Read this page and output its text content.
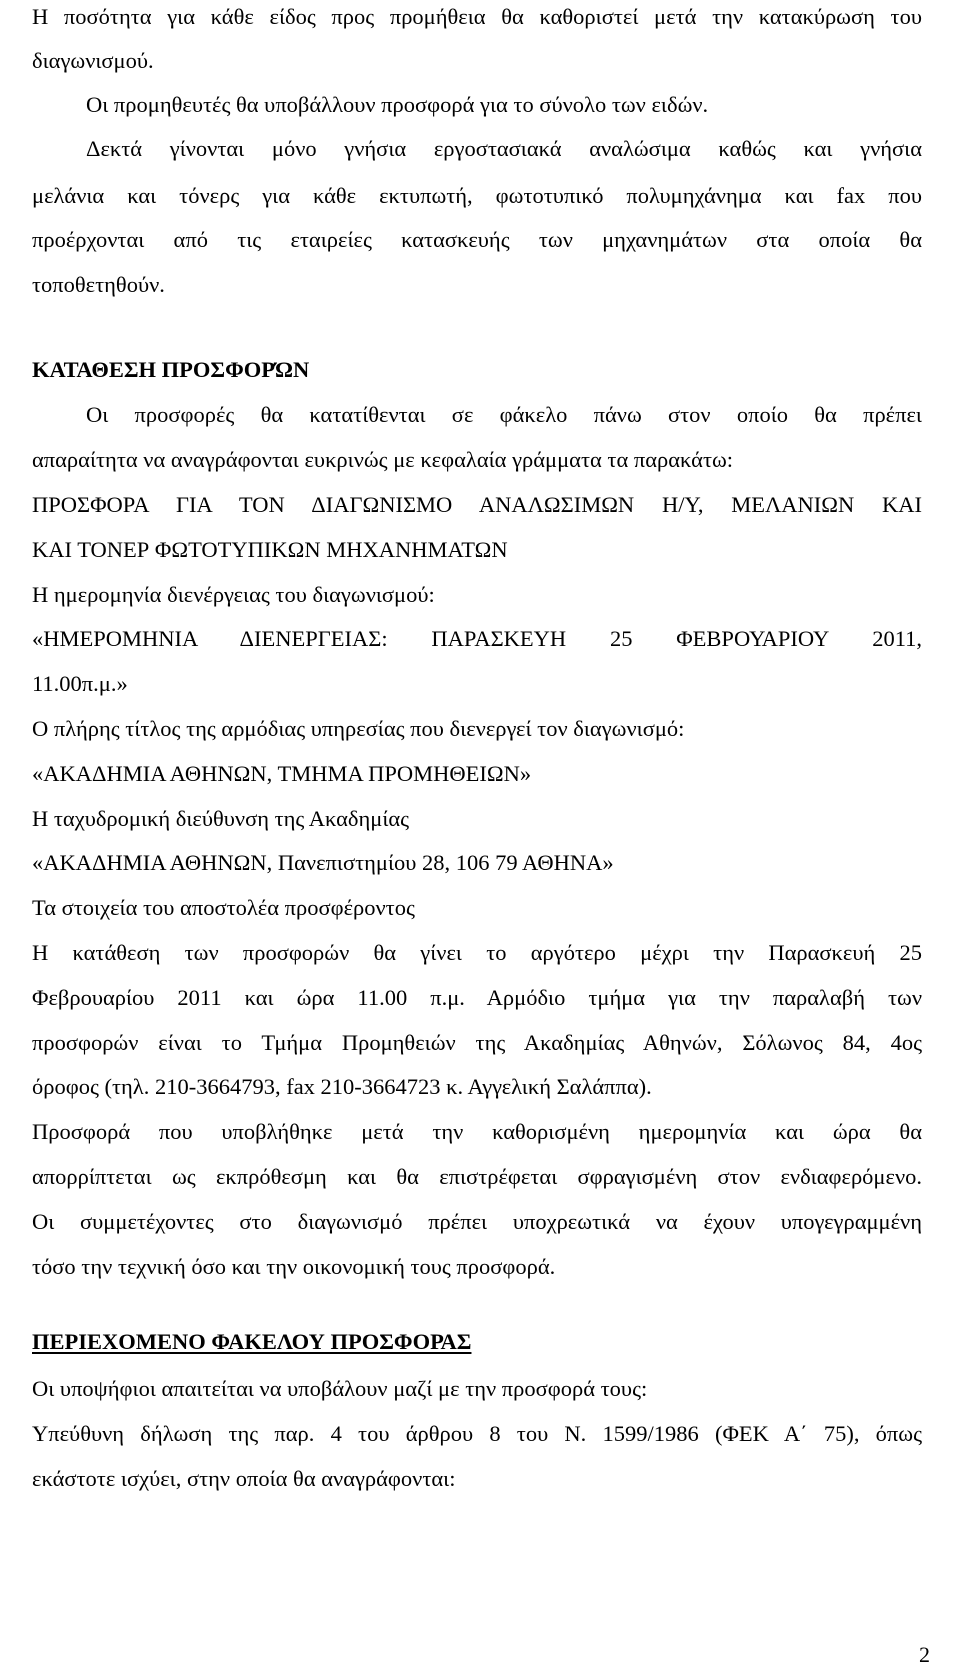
Η ποσότητα για κάθε είδος προς προμήθεια θα καθοριστεί μετά την κατακύρωση του
διαγωνισμού.
Οι προμηθευτές θα υποβάλλουν προσφορά για το σύνολο των ειδών.
Δεκτά γίνονται μόνο γνήσια εργοστασιακά αναλώσιμα καθώς και γνήσια
μελάνια και τόνερς για κάθε εκτυπωτή, φωτοτυπικό πολυμηχάνημα και fax που
προέρχονται από τις εταιρείες κατασκευής των μηχανημάτων στα οποία θα
τοποθετηθούν.
ΚΑΤΑΘΕΣΗ ΠΡΟΣΦΟΡΏΝ
Οι προσφορές θα κατατίθενται σε φάκελο πάνω στον οποίο θα πρέπει
απαραίτητα να αναγράφονται ευκρινώς με κεφαλαία γράμματα τα παρακάτω:
ΠΡΟΣΦΟΡΑ ΓΙΑ ΤΟΝ ΔΙΑΓΩΝΙΣΜΟ ΑΝΑΛΩΣΙΜΩΝ Η/Υ, ΜΕΛΑΝΙΩΝ ΚΑΙ
ΚΑΙ ΤΟΝΕΡ ΦΩΤΟΤΥΠΙΚΩΝ ΜΗΧΑΝΗΜΑΤΩΝ
Η ημερομηνία διενέργειας του διαγωνισμού:
«ΗΜΕΡΟΜΗΝΙΑ ΔΙΕΝΕΡΓΕΙΑΣ: ΠΑΡΑΣΚΕΥΗ 25 ΦΕΒΡΟΥΑΡΙΟΥ 2011,
11.00π.μ.»
Ο πλήρης τίτλος της αρμόδιας υπηρεσίας που διενεργεί τον διαγωνισμό:
«ΑΚΑΔΗΜΙΑ ΑΘΗΝΩΝ, ΤΜΗΜΑ ΠΡΟΜΗΘΕΙΩΝ»
Η ταχυδρομική διεύθυνση της Ακαδημίας
«ΑΚΑΔΗΜΙΑ ΑΘΗΝΩΝ, Πανεπιστημίου 28, 106 79 ΑΘΗΝΑ»
Τα στοιχεία του αποστολέα προσφέροντος
Η κατάθεση των προσφορών θα γίνει το αργότερο μέχρι την Παρασκευή 25
Φεβρουαρίου 2011 και ώρα 11.00 π.μ. Αρμόδιο τμήμα για την παραλαβή των
προσφορών είναι το Τμήμα Προμηθειών της Ακαδημίας Αθηνών, Σόλωνος 84, 4ος
όροφος (τηλ. 210-3664793, fax 210-3664723 κ. Αγγελική Σαλάππα).
Προσφορά που υποβλήθηκε μετά την καθορισμένη ημερομηνία και ώρα θα
απορρίπτεται ως εκπρόθεσμη και θα επιστρέφεται σφραγισμένη στον ενδιαφερόμενο.
Οι συμμετέχοντες στο διαγωνισμό πρέπει υποχρεωτικά να έχουν υπογεγραμμένη
τόσο την τεχνική όσο και την οικονομική τους προσφορά.
ΠΕΡΙΕΧΟΜΕΝΟ ΦΑΚΕΛΟΥ ΠΡΟΣΦΟΡΑΣ
Οι υποψήφιοι απαιτείται να υποβάλουν μαζί με την προσφορά τους:
Υπεύθυνη δήλωση της παρ. 4 του άρθρου 8 του Ν. 1599/1986 (ΦΕΚ Α΄ 75), όπως
εκάστοτε ισχύει, στην οποία θα αναγράφονται:
2
